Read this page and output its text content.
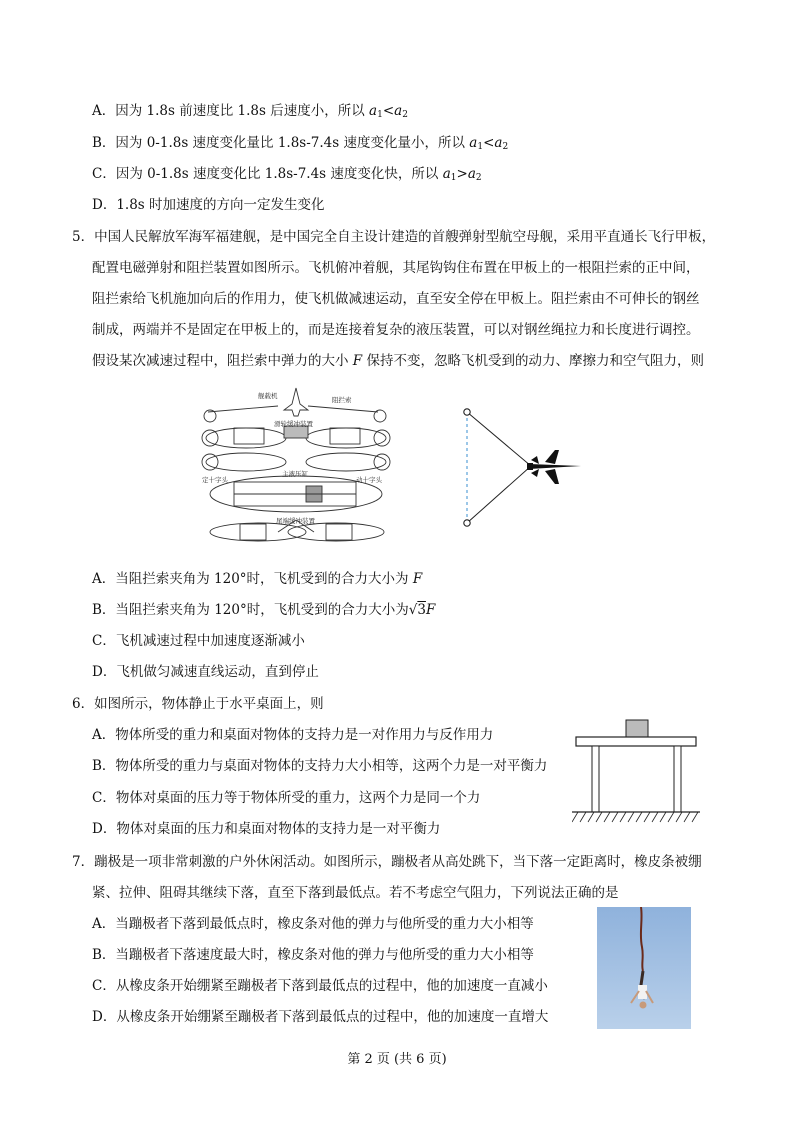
A．因为 1.8s 前速度比 1.8s 后速度小，所以 $a_1<a_2$
B．因为 0-1.8s 速度变化量比 1.8s-7.4s 速度变化量小，所以 $a_1<a_2$
C．因为 0-1.8s 速度变化比 1.8s-7.4s 速度变化快，所以 $a_1>a_2$
D．1.8s 时加速度的方向一定发生变化
5．中国人民解放军海军福建舰，是中国完全自主设计建造的首艘弹射型航空母舰，采用平直通长飞行甲板，
配置电磁弹射和阻拦装置如图所示。飞机俯冲着舰，其尾钩钩住布置在甲板上的一根阻拦索的正中间，
阻拦索给飞机施加向后的作用力，使飞机做减速运动，直至安全停在甲板上。阻拦索由不可伸长的钢丝
制成，两端并不是固定在甲板上的，而是连接着复杂的液压装置，可以对钢丝绳拉力和长度进行调控。
假设某次减速过程中，阻拦索中弹力的大小 F 保持不变，忽略飞机受到的动力、摩擦力和空气阻力，则
舰载机	阻拦索
滑轮缓冲装置
主液压缸
定十字头	动十字头
尾端缓冲装置
A．当阻拦索夹角为 120°时，飞机受到的合力大小为 F
B．当阻拦索夹角为 120°时，飞机受到的合力大小为√3F
C．飞机减速过程中加速度逐渐减小
D．飞机做匀减速直线运动，直到停止
6．如图所示，物体静止于水平桌面上，则
A．物体所受的重力和桌面对物体的支持力是一对作用力与反作用力
B．物体所受的重力与桌面对物体的支持力大小相等，这两个力是一对平衡力
C．物体对桌面的压力等于物体所受的重力，这两个力是同一个力
D．物体对桌面的压力和桌面对物体的支持力是一对平衡力
7．蹦极是一项非常刺激的户外休闲活动。如图所示，蹦极者从高处跳下，当下落一定距离时，橡皮条被绷
紧、拉伸、阻碍其继续下落，直至下落到最低点。若不考虑空气阻力，下列说法正确的是
A．当蹦极者下落到最低点时，橡皮条对他的弹力与他所受的重力大小相等
B．当蹦极者下落速度最大时，橡皮条对他的弹力与他所受的重力大小相等
C．从橡皮条开始绷紧至蹦极者下落到最低点的过程中，他的加速度一直减小
D．从橡皮条开始绷紧至蹦极者下落到最低点的过程中，他的加速度一直增大
第 2 页 (共 6 页)
